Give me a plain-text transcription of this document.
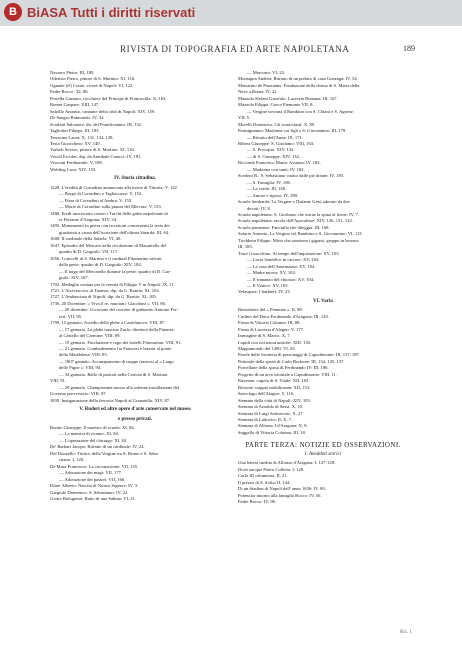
B BiASA Tutti i diritti riservati
RIVISTA DI TOPOGRAFIA ED ARTE NAPOLETANA	189
Navarro Pietro: III, 189.
Oderisio Pietro, pittore di S. Martino: XI, 116.
Ognatte (d') Conte, vicerè di Napoli: VI, 122.
Padre Rocco: XI, 86.
Perrella Gaetano, cocchiere del Principe di Francavilla: X, 163.
Romer Gaspare: XIII, 147.
Salzillo Antonio, cantante della città di Napoli: XIV, 159.
De Sangro Raimondo: IV, 34.
Scarlatti Salvatore, dir. del Pontificanino: III, 132.
Tagliolini Filippo: III, 183.
Terracina Laura: X, 131, 134, 138.
Testa Gioacchino: XV, 140.
Turboli Severo, pittore di S. Martino: XI, 116.
Vocoli Ercoles, dip. da Annibale Caracci: IV, 181.
Visconti Ferdinando: V, 108.
Wolding Luca: XIV, 153.
IV. Storia cittadina.
1228. L'eredità di Corradino annunciata alla morte di Vittoria: V, 122.
— Borgo di Corradino a Tagliacozzo: V, 152.
— Fiera di Corradino al Ambra: V, 153.
— Morte di Corradino sulla piazza del Mercato: V, 153.
1486. Eredi sanciscono contro i Turchi delle galee napoletane di
re Ferrante d'Aragona: XIV, 34.
1495. Monumento in pietra con iscrizioni concernenti la testa dei
giustiziati a causa dell'iscrizione dell'ultima Stuarda: III, 64.
1600. Il cardinale della Salarla: VI, 40.
1647. Episodio del Mercato nella rivoluzione di Masaniello del
quadro di D. Gargiulo: VII, 117.
1656. I cancelli di S. Martino e il cardinal Filomarino salvati
dalla peste: quadro di D. Gargiulo: XIV, 184.
— Il largo del Mercatello durante la peste: quadro di D. Gar-
giulo: XIV, 167.
1702. Medaglia coniata per la venuta di Filippo V in Napoli: IX, 11.
1721. L'Arcivescovo di Taranto, dip. da G. Bonito: XI, 104.
1727. L'Ambasciata di Tripoli, dip. da G. Bonito: XI, 105.
1736, 20 Dicembre. « Viva il re, muoian i Giacobini »: VII, 86.
— 20 dicembre. Uccisione del corriere di gabinetto Antonio Fer-
reri: VII, 85.
1799. 15 gennaio. Assedio della plebe a Castelnuovo: VIII, 87.
— 17 gennaio. La plebe trascina Zurlo, direttore della Finanze,
al Castello del Carmine: VIII, 89.
— 19 gennaio. Fucilazione e rogo dei fratelli Filomarino: VIII, 91.
— 21 gennaio. Combattimento fra Francesi e lazzari al ponte
della Maddalena: VIII, 95.
— 1807 gennaio. Accampamento di truppe francesi al « Largo
delle Pigne »: VIII, 94.
— 34 gennaio. Ballo di patrioti nella Certosa di S. Martino:
VIII, 91.
— 29 gennaio. Champronnet mossa alla solenne installazione del
Governo provvisorio: VIII, 97.
1839. Inaugurazione della ferrovia Napoli al Granatello: XIV, 87.
V. Ruderi ed altre opere d'arte conservate nel museo
e presso privati.
Bonito Giuseppe: Il maestro di scuola: XI, 84.
— La maestra di ricamo: XI, 84.
— L'operazione del chirurgo: XI, 84.
De' Barbari Jacopo: Ritratto di un cardinale: IV, 24.
Del Donzello: Trittico della Vergine tra S. Bruno e S. Seba-
stiano: I, 120.
De Mura Francesco: La circoncisione: VII, 155.
— Adorazione dei magi: VII, 177.
— Adorazione dei pastori: VII, 166.
Dürer Alberto: Nascita di Nostro Signore: IV, 3.
Gargiulo Domenico: S. Sebastiano: IV, 22.
Giotto Bolognese: Ratto di una Sabina: VI, 21.
— Mercurio: VI, 23.
Montagna Andrea: Ritratto di un prelato di casa Gonzaga: IV, 54.
Maestrino de Ponzianis: Fondazione della chiesa di S. Maria della
Neve a Roma: IV, 22.
Mazzola Stefani Garofalo: Lucrezia Romana: III, 167.
Mazzola Filippo: Greco Piemonte VII, 8.
— Vergine sovrana il Bambino con S. Chiara e S. Agnese:
VII, 5.
Morelli Domenico: Gli iconoclasti: X, 89.
Parmigianino: Madonna coi figli e S. Giovannino: III, 179.
— Ritratto dell'Anna: III, 171.
Ribera Giuseppe: S. Girolamo: VIII, 163.
— S. Procopio: XIV, 132.
— di S. Giuseppe: XIV, 134.
Ricciardi Francesco Maria: Assunta: IV, 182.
— Madonna con santi: IV, 182.
Scedoni B.: S. Sebastiano curato dalle pie donne: IV, 185.
— S. Famiglia: IV, 186.
— La carità: III, 168.
— Amore e riposo: IV, 189.
Scuola lombarda: La Vergine e l'Infante Gesù adorato da due
devoti: IV, 8.
Scuola napoletana: S. Girolamo che estrae la spina al leone: IV, 7.
Scuola napoletana: tavola dell'Apocalisse: XIV, 126, 131, 132.
Scuola parmense: Fanciulla che dileggia: III, 168.
Solario Antonio: La Vergine col Bambino e S. Giovannino: VI, 113.
Tischbein Filippo: Mose che sanziona i giganti, gruppo in bronzo:
III, 185.
Torre Gioacchino: Al tempo dell'inquisizione: XV, 103.
— Lucia Sanfelice in carcere: XV, 104.
— La casa dell'Annunziata: XV, 104.
— Madre nuova: XV, 103.
— Il romanzo del chiostro: XV, 104.
— Il Viatico: XV, 105.
Velasquez: I barbieri: IV, 23.
VI. Varia
Bonorbiere del « Pennone »: II, 88.
Carlino del Duca Ferdinando d'Aragona: III, 120.
Firma di Vittoria Colonna: III, 88.
Firma di Lucrezia d'Alagno: V, 177.
Immagine di S. Marco: X, 7.
Lapidi con iscrizioni antiche: XIII, 130.
Mappamondo del 1490: VI, 65.
Parole dalle fronteria di personaggi di Capodimonte: III, 137, 187.
Pettorale della sposa di Carlo Borbone: III, 134, 135, 137.
Porcellane della sposa di Ferdinando IV: III, 186.
Progetto di un arco trionfale a Capodimonte: VIII, 11.
Ravenna: cupola di S. Vitale: XII, 103.
Riesone: trappio mobiliorum: XII, 153.
Sarcofago dell'Alagno: V, 116.
Stemma della città di Napoli: XIV, 103.
Stemma di Arnoldo di Sassi: X, 10.
Stemma di Luigi Serinovinc: X, 27.
Stemma di Ludovico II: X, 7.
Stemma di Alfonso I d'Aragona: X, 8.
Suggello di Vittoria Colonna: III, 18.
PARTE TERZA: NOTIZIE ED OSSERVAZIONI.
I. Aneddoti storici
Una lettera inedita di Alfonso d'Aragona: I, 127-128.
Dove nacque Pietro Colletta: I, 128.
Carlo III calunniato: II, 31.
Il prezzo di S. Sofia: II, 144.
Di un Stadion di Napoli dell' anno 1656: IV, 80.
Potenzlar intorno alla famiglia Rocco: IV, 56.
Padre Rocco: IV, 96.
Ric. 1
